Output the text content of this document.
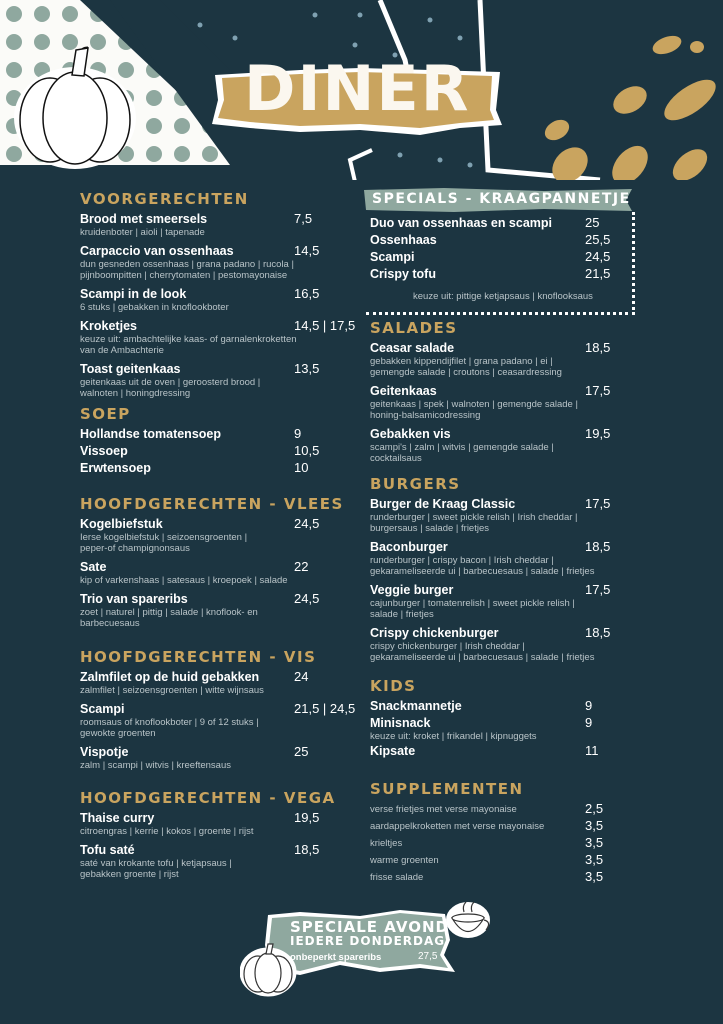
DINER
VOORGERECHTEN
Brood met smeersels	7,5
kruidenboter | aioli | tapenade
Carpaccio van ossenhaas	14,5
dun gesneden ossenhaas | grana padano | rucola |
pijnboompitten | cherrytomaten | pestomayonaise
Scampi in de look	16,5
6 stuks | gebakken in knoflookboter
Kroketjes	14,5 | 17,5
keuze uit: ambachtelijke kaas- of garnalenkroketten
van de Ambachterie
Toast geitenkaas	13,5
geitenkaas uit de oven | geroosterd brood |
walnoten | honingdressing
SOEP
Hollandse tomatensoep	9
Vissoep	10,5
Erwtensoep	10
HOOFDGERECHTEN - VLEES
Kogelbiefstuk	24,5
Ierse kogelbiefstuk | seizoensgroenten |
peper-of champignonsaus
Sate	22
kip of varkenshaas | satesaus | kroepoek | salade
Trio van spareribs	24,5
zoet | naturel | pittig | salade | knoflook- en
barbecuesaus
HOOFDGERECHTEN - VIS
Zalmfilet op de huid gebakken	24
zalmfilet | seizoensgroenten | witte wijnsaus
Scampi	21,5 | 24,5
roomsaus of knoflookboter | 9 of 12 stuks |
gewokte groenten
Vispotje	25
zalm | scampi | witvis | kreeftensaus
HOOFDGERECHTEN - VEGA
Thaise curry	19,5
citroengras | kerrie | kokos | groente | rijst
Tofu saté	18,5
saté van krokante tofu | ketjapsaus |
gebakken groente | rijst
SPECIALS - KRAAGPANNETJE
Duo van ossenhaas en scampi	25
Ossenhaas	25,5
Scampi	24,5
Crispy tofu	21,5
keuze uit: pittige ketjapsaus | knoflooksaus
SALADES
Ceasar salade	18,5
gebakken kippendijfilet | grana padano | ei |
gemengde salade | croutons | ceasardressing
Geitenkaas	17,5
geitenkaas | spek | walnoten | gemengde salade |
honing-balsamicodressing
Gebakken vis	19,5
scampi's | zalm | witvis | gemengde salade |
cocktailsaus
BURGERS
Burger de Kraag Classic	17,5
runderburger | sweet pickle relish | Irish cheddar |
burgersaus | salade | frietjes
Baconburger	18,5
runderburger | crispy bacon | Irish cheddar |
gekarameliseerde ui | barbecuesaus | salade | frietjes
Veggie burger	17,5
cajunburger | tomatenrelish | sweet pickle relish |
salade | frietjes
Crispy chickenburger	18,5
crispy chickenburger | Irish cheddar |
gekarameliseerde ui | barbecuesaus | salade | frietjes
KIDS
Snackmannetje	9
Minisnack	9
keuze uit: kroket | frikandel | kipnuggets
Kipsate	11
SUPPLEMENTEN
verse frietjes met verse mayonaise	2,5
aardappelkroketten met verse mayonaise	3,5
krieltjes	3,5
warme groenten	3,5
frisse salade	3,5
SPECIALE AVOND
IEDERE DONDERDAG
onbeperkt spareribs	27,5
